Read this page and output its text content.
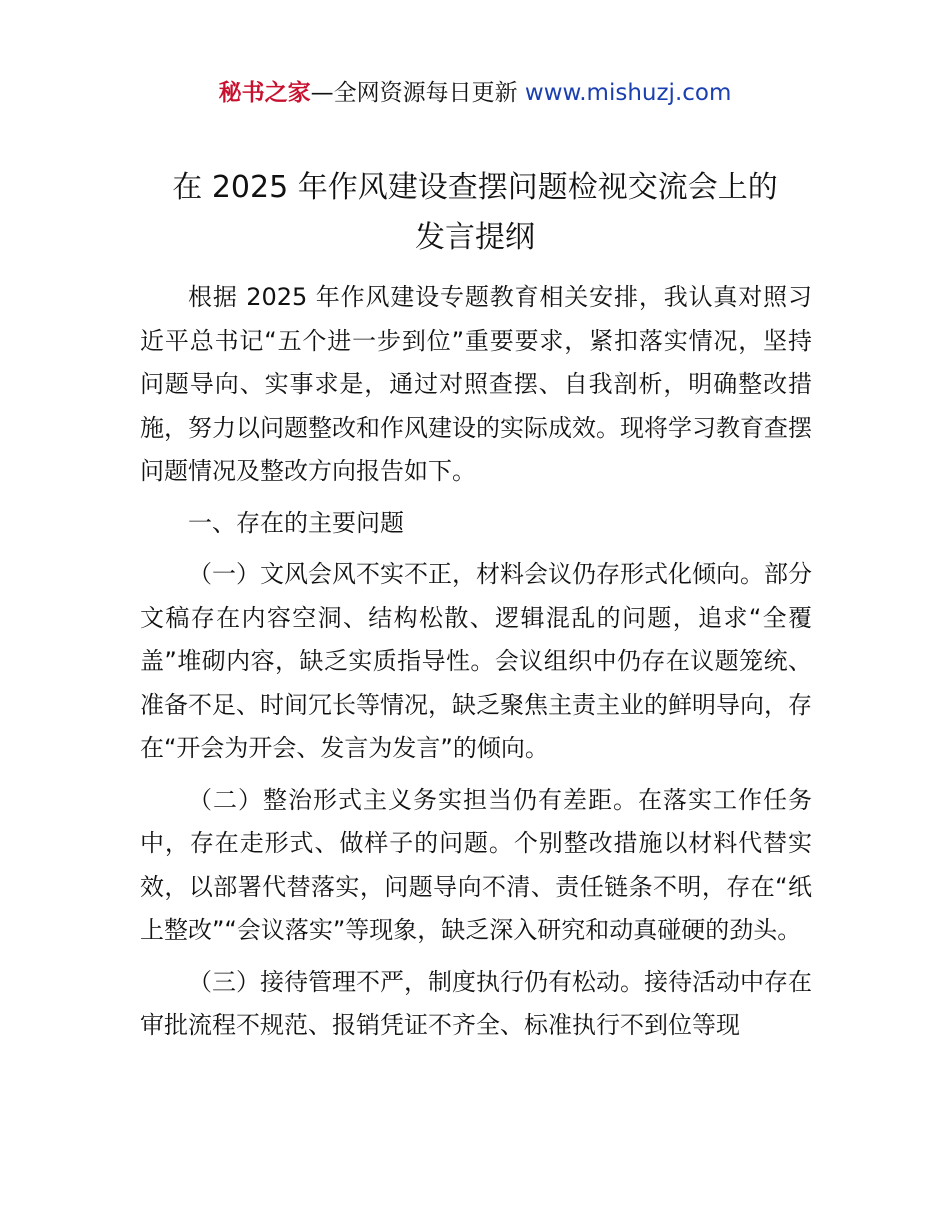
秘书之家—全网资源每日更新 www.mishuzj.com
在 2025 年作风建设查摆问题检视交流会上的
发言提纲

根据 2025 年作风建设专题教育相关安排，我认真对照习近平总书记“五个进一步到位”重要要求，紧扣落实情况，坚持问题导向、实事求是，通过对照查摆、自我剖析，明确整改措施，努力以问题整改和作风建设的实际成效。现将学习教育查摆问题情况及整改方向报告如下。

一、存在的主要问题

（一）文风会风不实不正，材料会议仍存形式化倾向。部分文稿存在内容空洞、结构松散、逻辑混乱的问题，追求“全覆盖”堆砌内容，缺乏实质指导性。会议组织中仍存在议题笼统、准备不足、时间冗长等情况，缺乏聚焦主责主业的鲜明导向，存在“开会为开会、发言为发言”的倾向。

（二）整治形式主义务实担当仍有差距。在落实工作任务中，存在走形式、做样子的问题。个别整改措施以材料代替实效，以部署代替落实，问题导向不清、责任链条不明，存在“纸上整改”“会议落实”等现象，缺乏深入研究和动真碰硬的劲头。

（三）接待管理不严，制度执行仍有松动。接待活动中存在审批流程不规范、报销凭证不齐全、标准执行不到位等现
